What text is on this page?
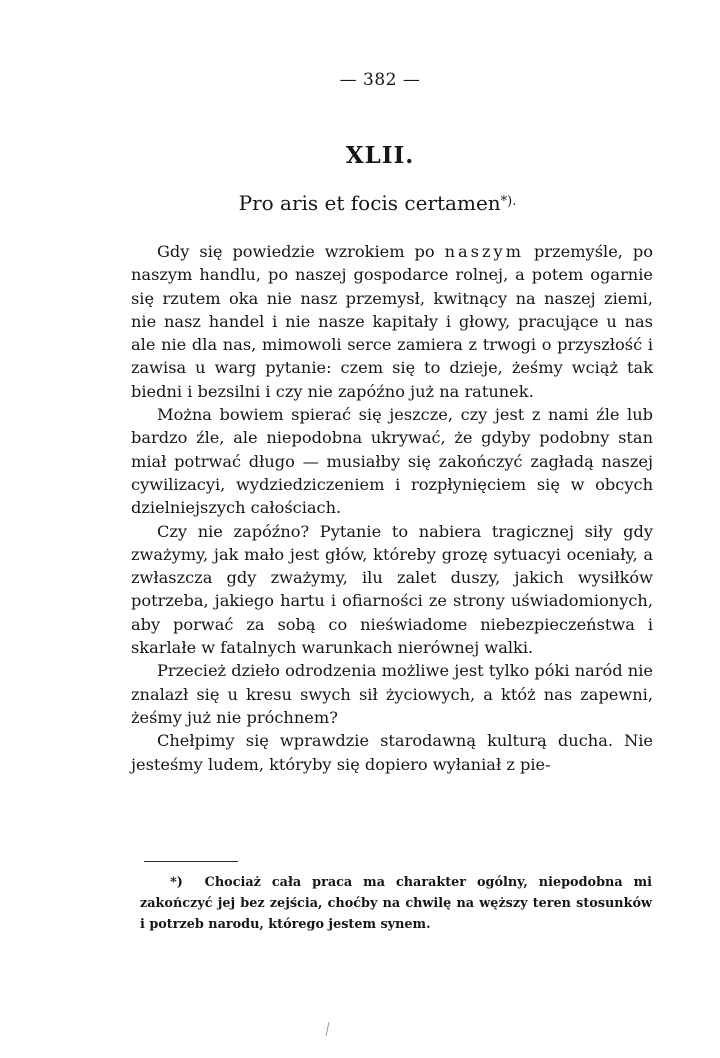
— 382 —
XLII.
Pro aris et focis certamen*).

Gdy się powiedzie wzrokiem po naszym przemyśle, po naszym handlu, po naszej gospodarce rolnej, a potem ogarnie się rzutem oka nie nasz przemysł, kwitnący na naszej ziemi, nie nasz handel i nie nasze kapitały i głowy, pracujące u nas ale nie dla nas, mimowoli serce zamiera z trwogi o przyszłość i zawisa u warg pytanie: czem się to dzieje, żeśmy wciąż tak biedni i bezsilni i czy nie zapóźno już na ratunek.

Można bowiem spierać się jeszcze, czy jest z nami źle lub bardzo źle, ale niepodobna ukrywać, że gdyby podobny stan miał potrwać długo — musiałby się zakończyć zagładą naszej cywilizacyi, wydziedziczeniem i rozpłynięciem się w obcych dzielniejszych całościach.

Czy nie zapóźno? Pytanie to nabiera tragicznej siły gdy zważymy, jak mało jest głów, któreby grozę sytuacyi oceniały, a zwłaszcza gdy zważymy, ilu zalet duszy, jakich wysiłków potrzeba, jakiego hartu i ofiarności ze strony uświadomionych, aby porwać za sobą co nieświadome niebezpieczeństwa i skarlałe w fatalnych warunkach nierównej walki.

Przecież dzieło odrodzenia możliwe jest tylko póki naród nie znalazł się u kresu swych sił życiowych, a któż nas zapewni, żeśmy już nie próchnem?

Chełpimy się wprawdzie starodawną kulturą ducha. Nie jesteśmy ludem, któryby się dopiero wyłaniał z pie-

*) Chociaż cała praca ma charakter ogólny, niepodobna mi zakończyć jej bez zejścia, choćby na chwilę na węższy teren stosunków i potrzeb narodu, którego jestem synem.
